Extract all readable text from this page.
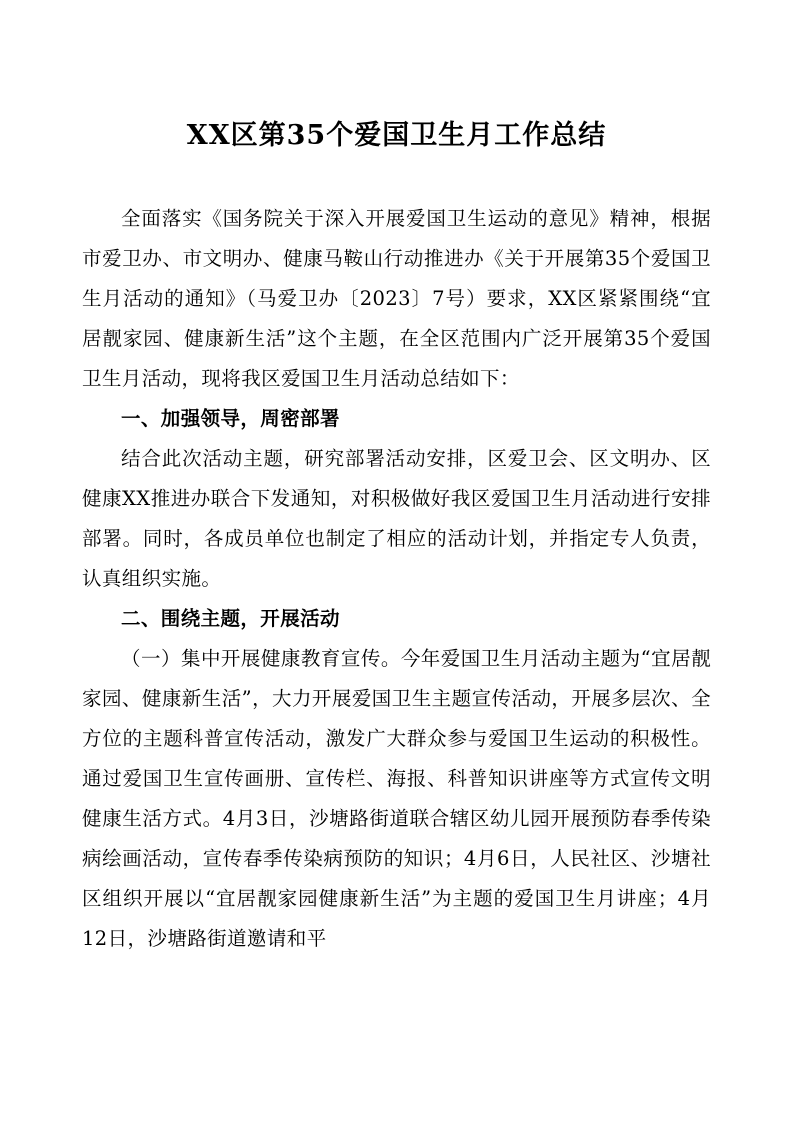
XX区第35个爱国卫生月工作总结

全面落实《国务院关于深入开展爱国卫生运动的意见》精神，根据市爱卫办、市文明办、健康马鞍山行动推进办《关于开展第35个爱国卫生月活动的通知》（马爱卫办〔2023〕7号）要求，XX区紧紧围绕“宜居靓家园、健康新生活”这个主题，在全区范围内广泛开展第35个爱国卫生月活动，现将我区爱国卫生月活动总结如下：

一、加强领导，周密部署

结合此次活动主题，研究部署活动安排，区爱卫会、区文明办、区健康XX推进办联合下发通知，对积极做好我区爱国卫生月活动进行安排部署。同时，各成员单位也制定了相应的活动计划，并指定专人负责，认真组织实施。

二、围绕主题，开展活动

（一）集中开展健康教育宣传。今年爱国卫生月活动主题为“宜居靓家园、健康新生活”，大力开展爱国卫生主题宣传活动，开展多层次、全方位的主题科普宣传活动，激发广大群众参与爱国卫生运动的积极性。通过爱国卫生宣传画册、宣传栏、海报、科普知识讲座等方式宣传文明健康生活方式。4月3日，沙塘路街道联合辖区幼儿园开展预防春季传染病绘画活动，宣传春季传染病预防的知识；4月6日，人民社区、沙塘社区组织开展以“宜居靓家园健康新生活”为主题的爱国卫生月讲座；4月12日，沙塘路街道邀请和平
